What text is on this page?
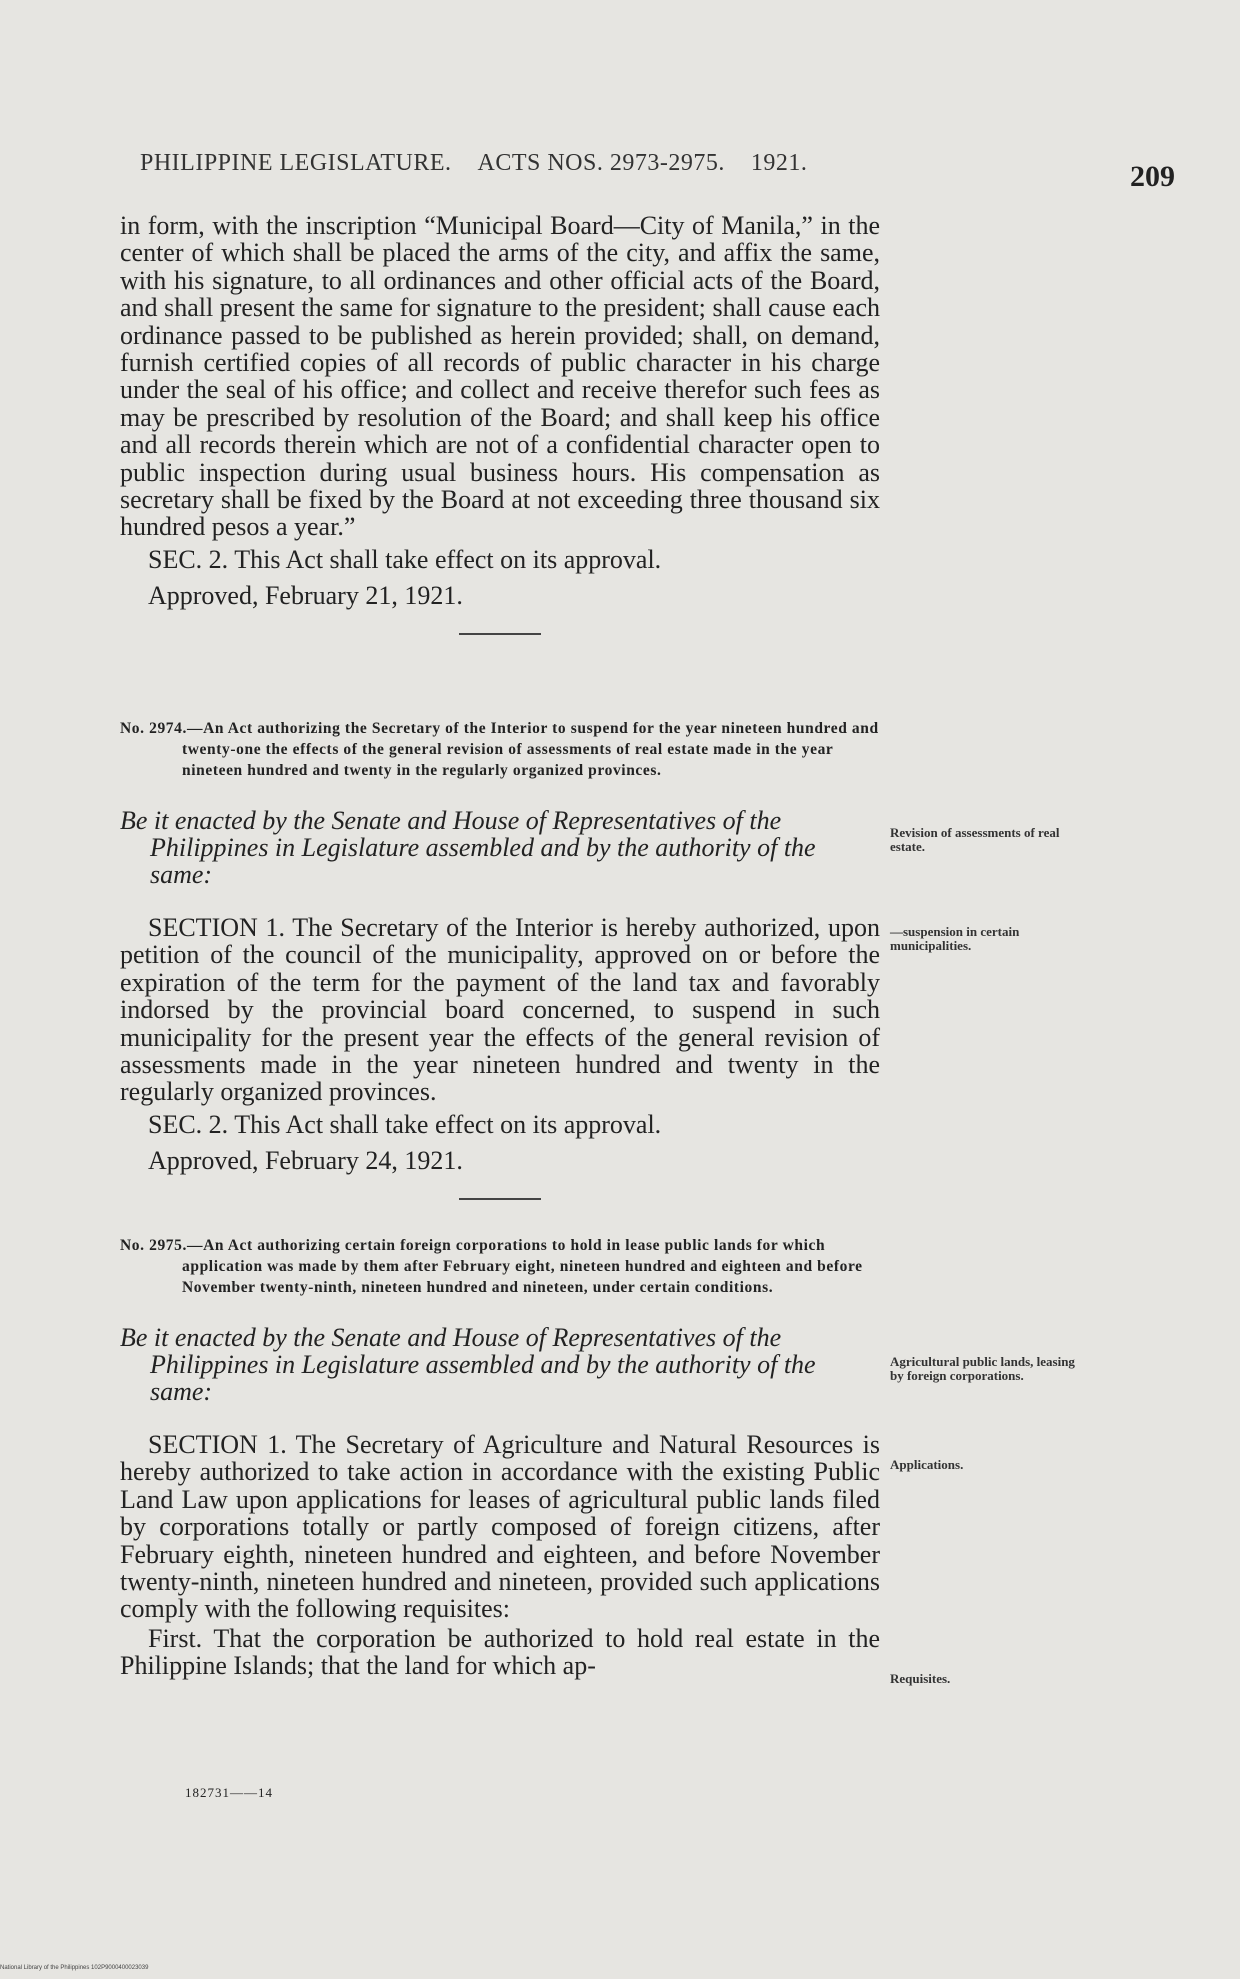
PHILIPPINE LEGISLATURE. ACTS NOS. 2973-2975. 1921.	209

in form, with the inscription “Municipal Board—City of Manila,” in the center of which shall be placed the arms of the city, and affix the same, with his signature, to all ordinances and other official acts of the Board, and shall present the same for signature to the president; shall cause each ordinance passed to be published as herein provided; shall, on demand, furnish certified copies of all records of public character in his charge under the seal of his office; and collect and receive therefor such fees as may be prescribed by resolution of the Board; and shall keep his office and all records therein which are not of a confidential character open to public inspection during usual business hours. His compensation as secretary shall be fixed by the Board at not exceeding three thousand six hundred pesos a year.”

SEC. 2. This Act shall take effect on its approval.

Approved, February 21, 1921.

No. 2974.—An Act authorizing the Secretary of the Interior to suspend for the year nineteen hundred and twenty-one the effects of the general revision of assessments of real estate made in the year nineteen hundred and twenty in the regularly organized provinces.

Be it enacted by the Senate and House of Representatives of the Philippines in Legislature assembled and by the authority of the same:

SECTION 1. The Secretary of the Interior is hereby authorized, upon petition of the council of the municipality, approved on or before the expiration of the term for the payment of the land tax and favorably indorsed by the provincial board concerned, to suspend in such municipality for the present year the effects of the general revision of assessments made in the year nineteen hundred and twenty in the regularly organized provinces.

SEC. 2. This Act shall take effect on its approval.

Approved, February 24, 1921.

Revision of assessments of real estate.
—suspension in certain municipalities.

No. 2975.—An Act authorizing certain foreign corporations to hold in lease public lands for which application was made by them after February eight, nineteen hundred and eighteen and before November twenty-ninth, nineteen hundred and nineteen, under certain conditions.

Be it enacted by the Senate and House of Representatives of the Philippines in Legislature assembled and by the authority of the same:

SECTION 1. The Secretary of Agriculture and Natural Resources is hereby authorized to take action in accordance with the existing Public Land Law upon applications for leases of agricultural public lands filed by corporations totally or partly composed of foreign citizens, after February eighth, nineteen hundred and eighteen, and before November twenty-ninth, nineteen hundred and nineteen, provided such applications comply with the following requisites:

First. That the corporation be authorized to hold real estate in the Philippine Islands; that the land for which ap-

Agricultural public lands, leasing by foreign corporations.
Applications.
Requisites.
182731——14
National Library of the Philippines 102P9000400023039
